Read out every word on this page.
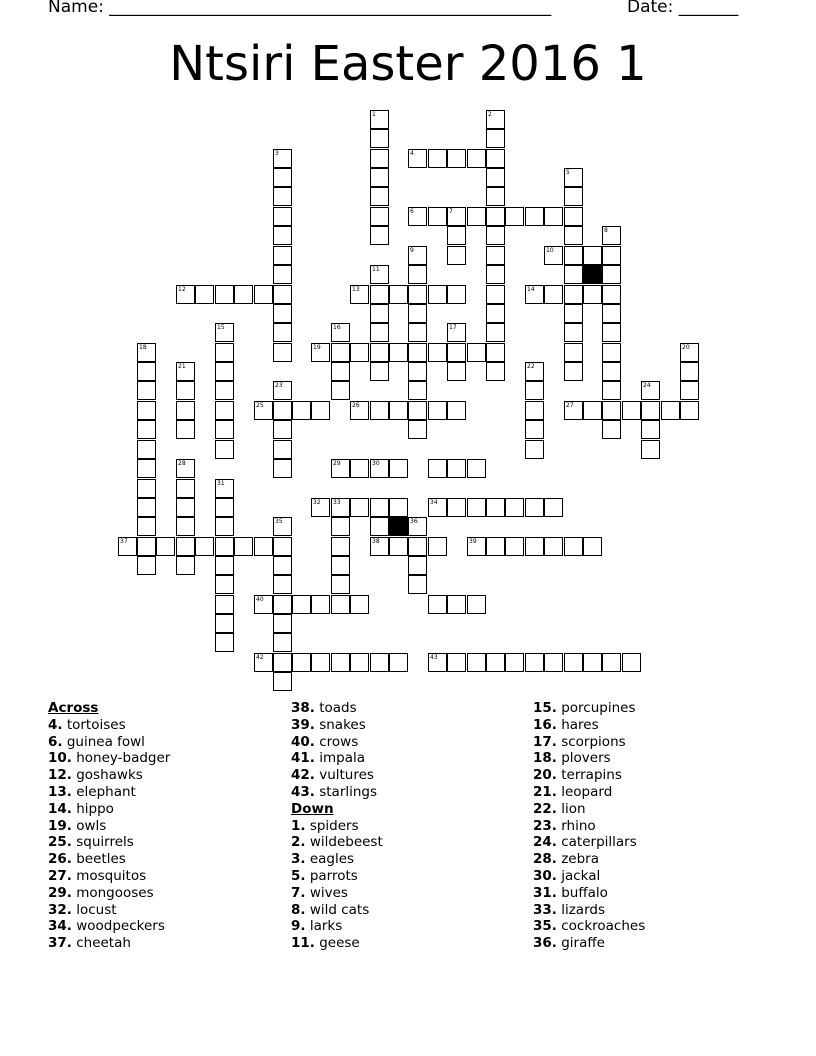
Name: ____________________________________________________	Date: _______
Ntsiri Easter 2016 1
1	2
4
3
5
6	7
8
9	10
11
12	13	14
15	16	17
18	20
19
21	22
23	24
25	26	27
28	29	30
31
32 33	34
35	36
37	38	39
40
42	43
Across
4. tortoises
6. guinea fowl
10. honey-badger
12. goshawks
13. elephant
14. hippo
19. owls
25. squirrels
26. beetles
27. mosquitos
29. mongooses
32. locust
34. woodpeckers
37. cheetah
38. toads
39. snakes
40. crows
41. impala
42. vultures
43. starlings
Down
1. spiders
2. wildebeest
3. eagles
5. parrots
7. wives
8. wild cats
9. larks
11. geese
15. porcupines
16. hares
17. scorpions
18. plovers
20. terrapins
21. leopard
22. lion
23. rhino
24. caterpillars
28. zebra
30. jackal
31. buffalo
33. lizards
35. cockroaches
36. giraffe
